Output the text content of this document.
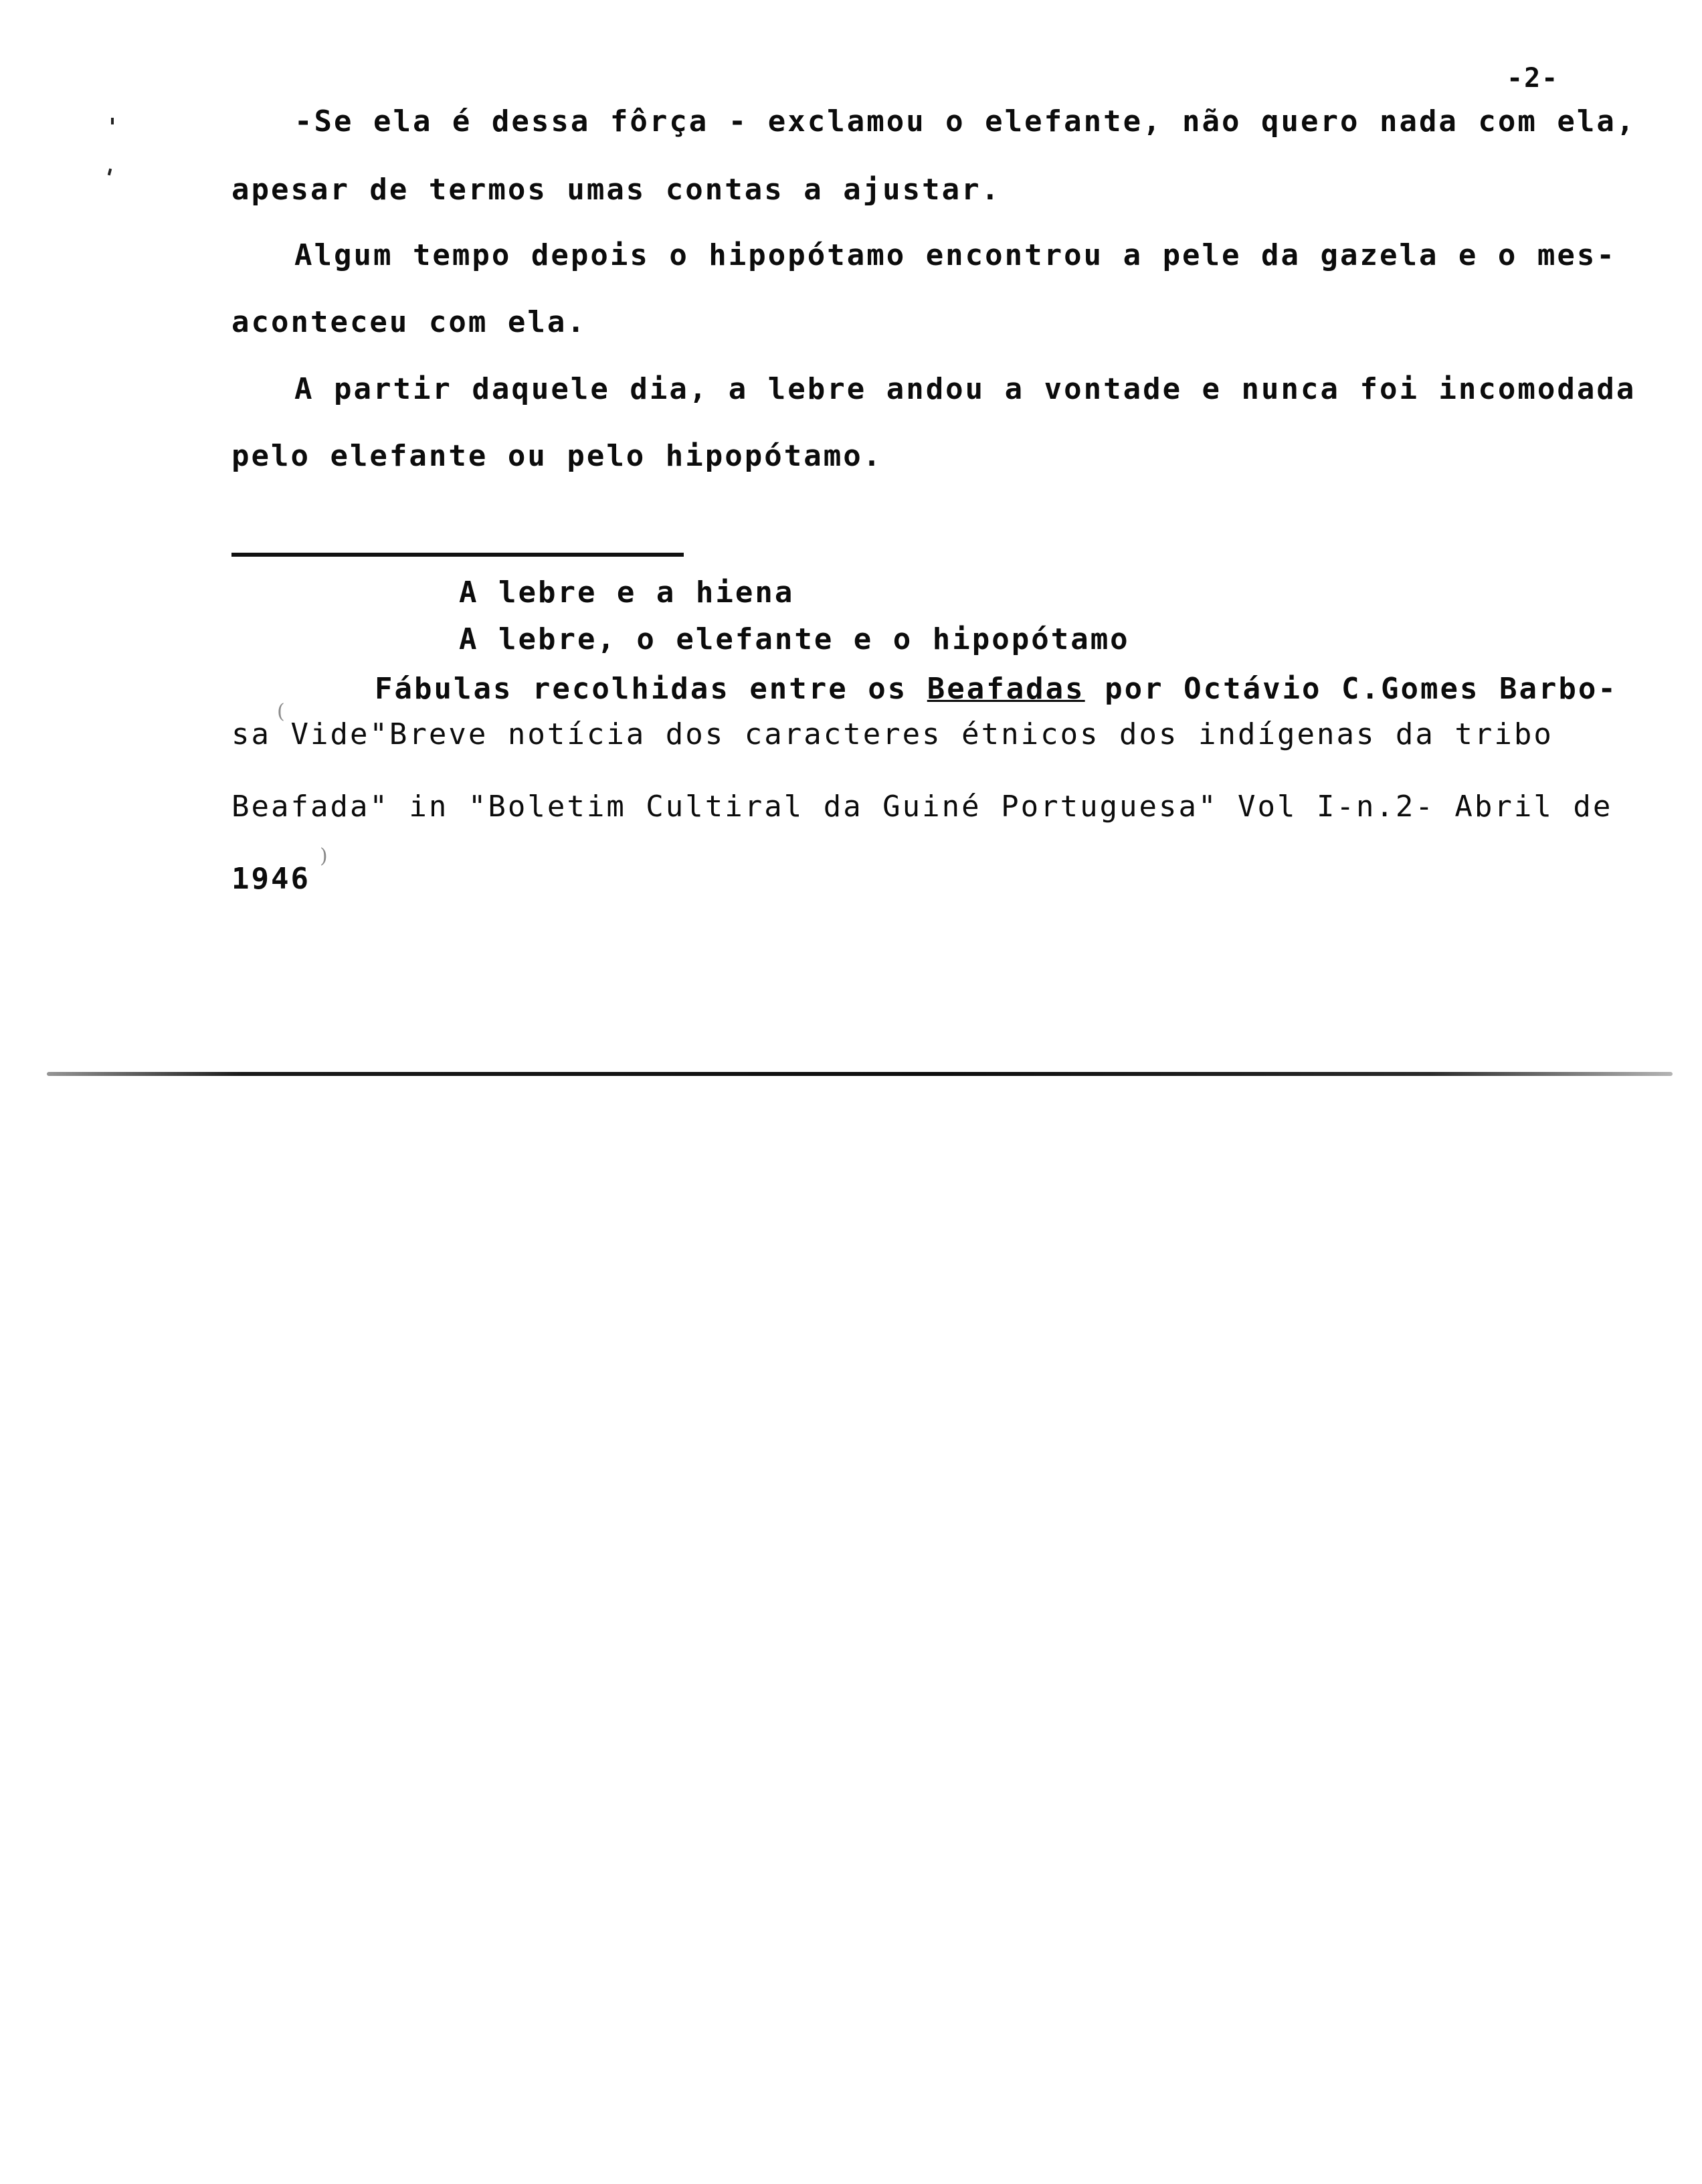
-2-
-Se ela é dessa fôrça - exclamou o elefante, não quero nada com ela,
apesar de termos umas contas a ajustar.
Algum tempo depois o hipopótamo encontrou a pele da gazela e o mes-
aconteceu com ela.
A partir daquele dia, a lebre andou a vontade e nunca foi incomodada
pelo elefante ou pelo hipopótamo.
A lebre e a hiena
A lebre, o elefante e o hipopótamo
Fábulas recolhidas entre os Beafadas por Octávio C.Gomes Barbo-
(
sa Vide"Breve notícia dos caracteres étnicos dos indígenas da tribo
Beafada" in "Boletim Cultiral da Guiné Portuguesa" Vol I-n.2- Abril de
1946
)
